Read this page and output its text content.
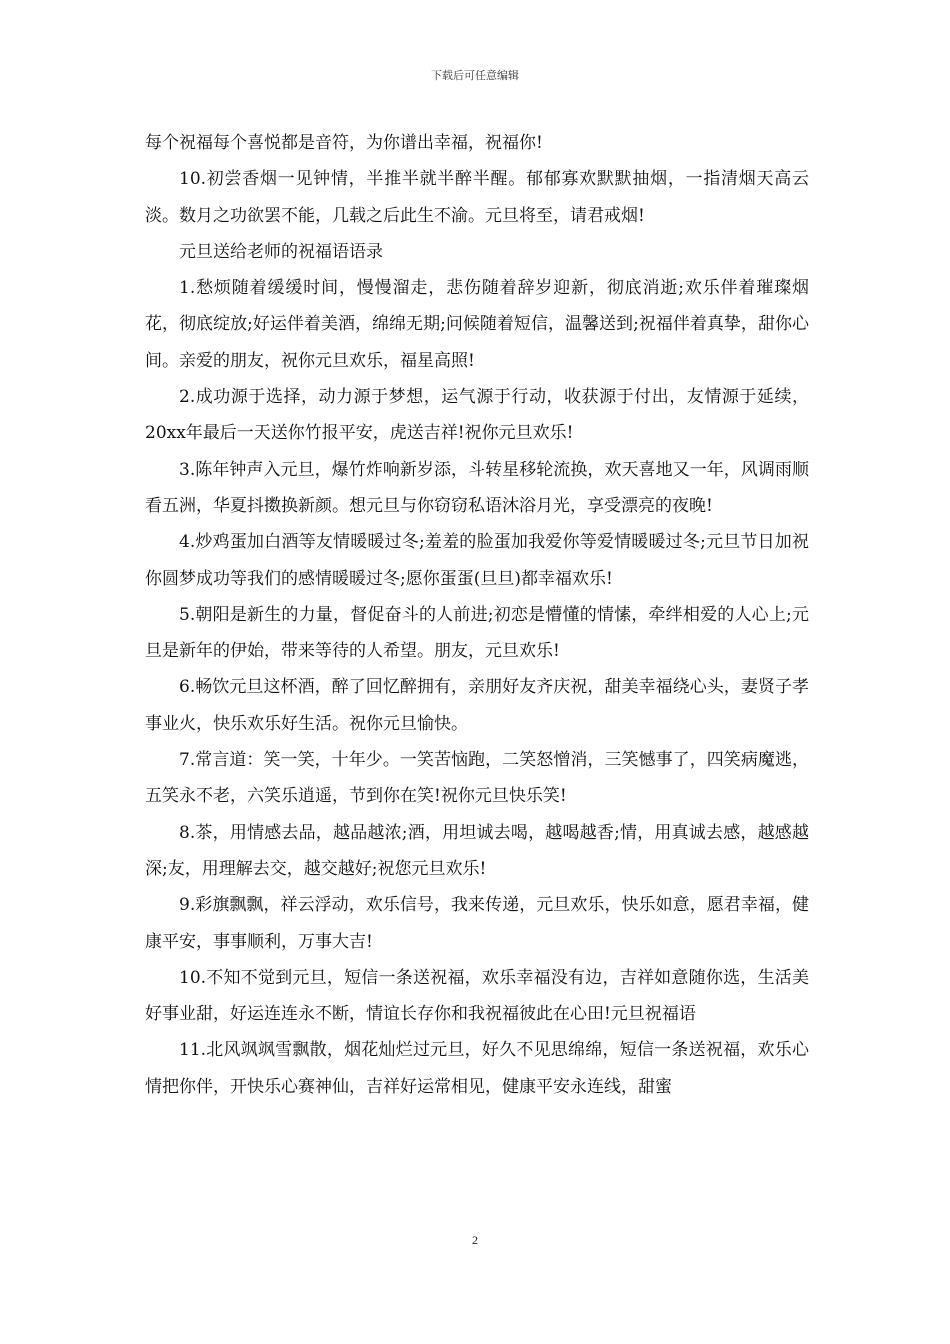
下载后可任意编辑

每个祝福每个喜悦都是音符，为你谱出幸福，祝福你!

10.初尝香烟一见钟情，半推半就半醉半醒。郁郁寡欢默默抽烟，一指清烟天高云淡。数月之功欲罢不能，几载之后此生不渝。元旦将至，请君戒烟!

元旦送给老师的祝福语语录

1.愁烦随着缓缓时间，慢慢溜走，悲伤随着辞岁迎新，彻底消逝;欢乐伴着璀璨烟花，彻底绽放;好运伴着美酒，绵绵无期;问候随着短信，温馨送到;祝福伴着真挚，甜你心间。亲爱的朋友，祝你元旦欢乐，福星高照!

2.成功源于选择，动力源于梦想，运气源于行动，收获源于付出，友情源于延续，20xx年最后一天送你竹报平安，虎送吉祥!祝你元旦欢乐!

3.陈年钟声入元旦，爆竹炸响新岁添，斗转星移轮流换，欢天喜地又一年，风调雨顺看五洲，华夏抖擞换新颜。想元旦与你窃窃私语沐浴月光，享受漂亮的夜晚!

4.炒鸡蛋加白酒等友情暖暖过冬;羞羞的脸蛋加我爱你等爱情暖暖过冬;元旦节日加祝你圆梦成功等我们的感情暖暖过冬;愿你蛋蛋(旦旦)都幸福欢乐!

5.朝阳是新生的力量，督促奋斗的人前进;初恋是懵懂的情愫，牵绊相爱的人心上;元旦是新年的伊始，带来等待的人希望。朋友，元旦欢乐!

6.畅饮元旦这杯酒，醉了回忆醉拥有，亲朋好友齐庆祝，甜美幸福绕心头，妻贤子孝事业火，快乐欢乐好生活。祝你元旦愉快。

7.常言道：笑一笑，十年少。一笑苦恼跑，二笑怒憎消，三笑憾事了，四笑病魔逃，五笑永不老，六笑乐逍遥，节到你在笑!祝你元旦快乐笑!

8.茶，用情感去品，越品越浓;酒，用坦诚去喝，越喝越香;情，用真诚去感，越感越深;友，用理解去交，越交越好;祝您元旦欢乐!

9.彩旗飘飘，祥云浮动，欢乐信号，我来传递，元旦欢乐，快乐如意，愿君幸福，健康平安，事事顺利，万事大吉!

10.不知不觉到元旦，短信一条送祝福，欢乐幸福没有边，吉祥如意随你选，生活美好事业甜，好运连连永不断，情谊长存你和我祝福彼此在心田!元旦祝福语

11.北风飒飒雪飘散，烟花灿烂过元旦，好久不见思绵绵，短信一条送祝福，欢乐心情把你伴，开快乐心赛神仙，吉祥好运常相见，健康平安永连线，甜蜜

2
